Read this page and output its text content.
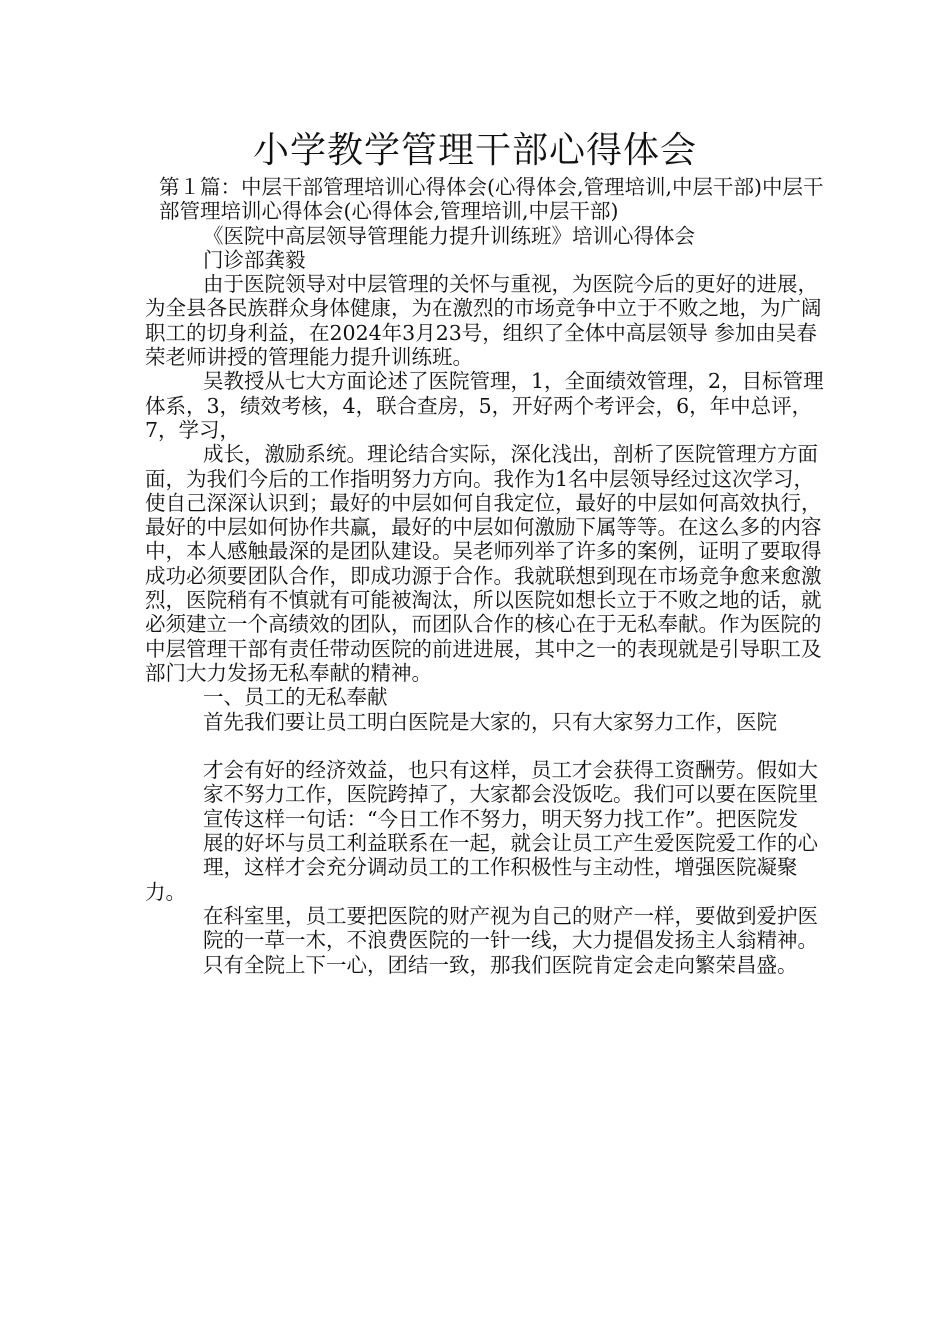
小学教学管理干部心得体会

第１篇：中层干部管理培训心得体会(心得体会,管理培训,中层干部)中层干部管理培训心得体会(心得体会,管理培训,中层干部)

《医院中高层领导管理能力提升训练班》培训心得体会

门诊部龚毅

由于医院领导对中层管理的关怀与重视，为医院今后的更好的进展，为全县各民族群众身体健康，为在激烈的市场竞争中立于不败之地，为广阔职工的切身利益，在2024年3月23号，组织了全体中高层领导 参加由吴春荣老师讲授的管理能力提升训练班。

吴教授从七大方面论述了医院管理，1，全面绩效管理，2，目标管理体系，3，绩效考核，4，联合查房，5，开好两个考评会，6，年中总评，7，学习，

成长，激励系统。理论结合实际，深化浅出，剖析了医院管理方方面面，为我们今后的工作指明努力方向。我作为1名中层领导经过这次学习，使自己深深认识到；最好的中层如何自我定位，最好的中层如何高效执行，最好的中层如何协作共赢，最好的中层如何激励下属等等。在这么多的内容中，本人感触最深的是团队建设。吴老师列举了许多的案例，证明了要取得成功必须要团队合作，即成功源于合作。我就联想到现在市场竞争愈来愈激烈，医院稍有不慎就有可能被淘汰，所以医院如想长立于不败之地的话，就必须建立一个高绩效的团队，而团队合作的核心在于无私奉献。作为医院的中层管理干部有责任带动医院的前进进展，其中之一的表现就是引导职工及部门大力发扬无私奉献的精神。

一、员工的无私奉献

首先我们要让员工明白医院是大家的，只有大家努力工作，医院

才会有好的经济效益，也只有这样，员工才会获得工资酬劳。假如大

家不努力工作，医院跨掉了，大家都会没饭吃。我们可以要在医院里

宣传这样一句话：“今日工作不努力，明天努力找工作”。把医院发

展的好坏与员工利益联系在一起，就会让员工产生爱医院爱工作的心

理，这样才会充分调动员工的工作积极性与主动性，增强医院凝聚力。

在科室里，员工要把医院的财产视为自己的财产一样，要做到爱护医

院的一草一木，不浪费医院的一针一线，大力提倡发扬主人翁精神。

只有全院上下一心，团结一致，那我们医院肯定会走向繁荣昌盛。
